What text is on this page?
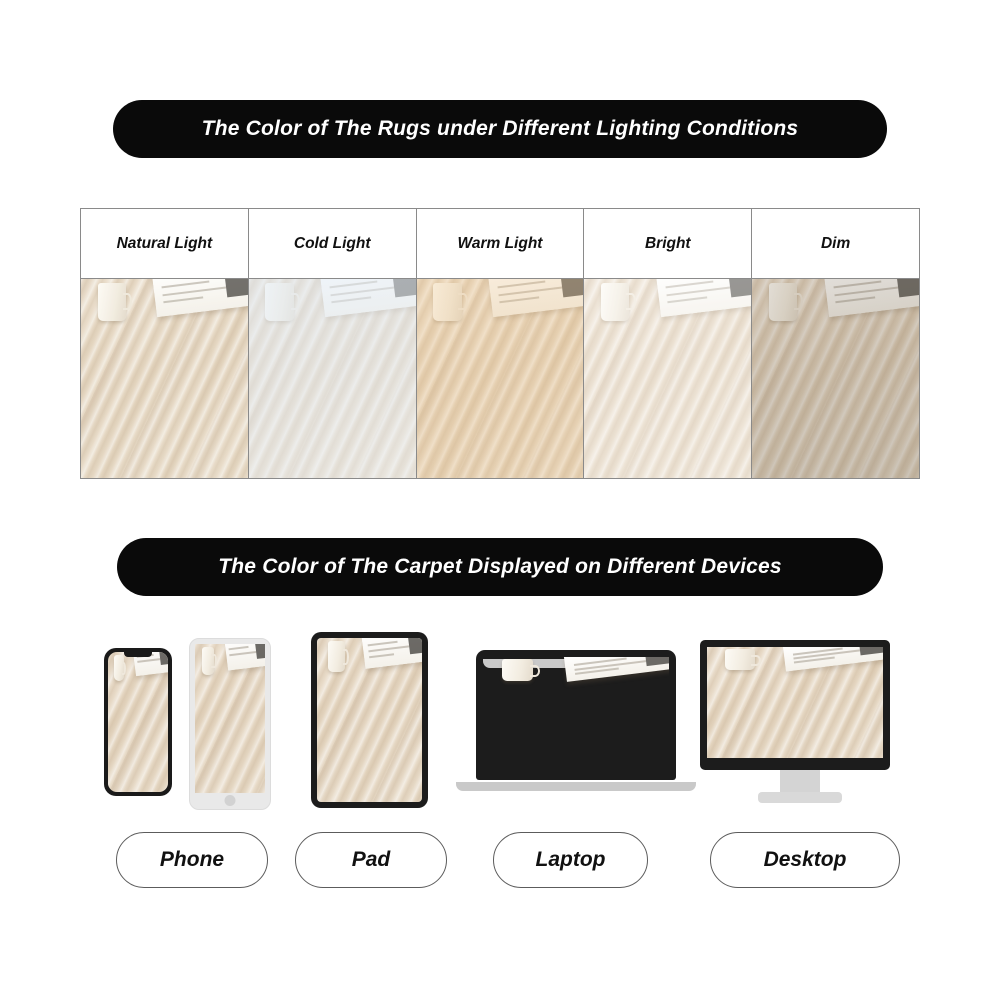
The Color of The Rugs under Different Lighting Conditions
Natural Light	Cold Light	Warm Light	Bright	Dim

The Color of The Carpet Displayed on Different Devices
Phone	Pad	Laptop	Desktop
